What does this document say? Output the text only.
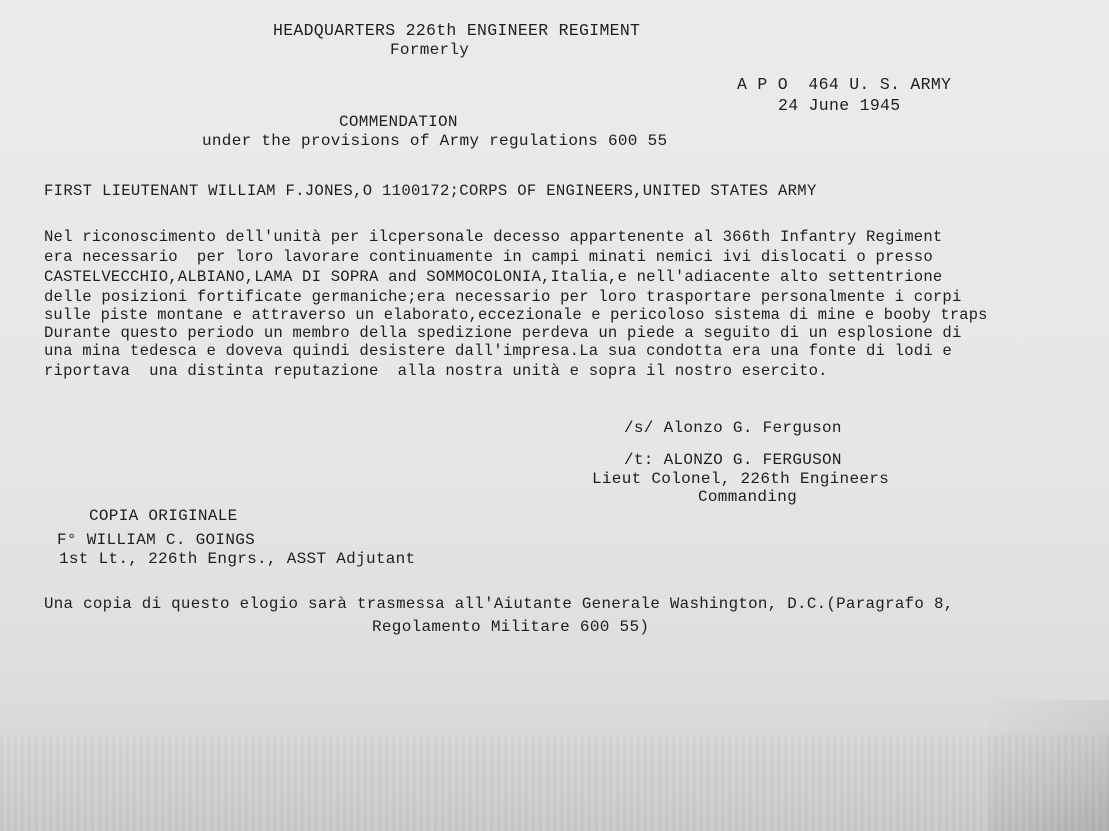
HEADQUARTERS 226th ENGINEER REGIMENT
Formerly
A P O  464 U. S. ARMY
24 June 1945
COMMENDATION
under the provisions of Army regulations 600 55
FIRST LIEUTENANT WILLIAM F.JONES,O 1100172;CORPS OF ENGINEERS,UNITED STATES ARMY
Nel riconoscimento dell'unità per ilcpersonale decesso appartenente al 366th Infantry Regiment
era necessario  per loro lavorare continuamente in campi minati nemici ivi dislocati o presso
CASTELVECCHIO,ALBIANO,LAMA DI SOPRA and SOMMOCOLONIA,Italia,e nell'adiacente alto settentrione
delle posizioni fortificate germaniche;era necessario per loro trasportare personalmente i corpi
sulle piste montane e attraverso un elaborato,eccezionale e pericoloso sistema di mine e booby traps
Durante questo periodo un membro della spedizione perdeva un piede a seguito di un esplosione di
una mina tedesca e doveva quindi desistere dall'impresa.La sua condotta era una fonte di lodi e
riportava  una distinta reputazione  alla nostra unità e sopra il nostro esercito.
/s/ Alonzo G. Ferguson
/t: ALONZO G. FERGUSON
Lieut Colonel, 226th Engineers
Commanding
COPIA ORIGINALE
F° WILLIAM C. GOINGS
1st Lt., 226th Engrs., ASST Adjutant
Una copia di questo elogio sarà trasmessa all'Aiutante Generale Washington, D.C.(Paragrafo 8,
Regolamento Militare 600 55)
